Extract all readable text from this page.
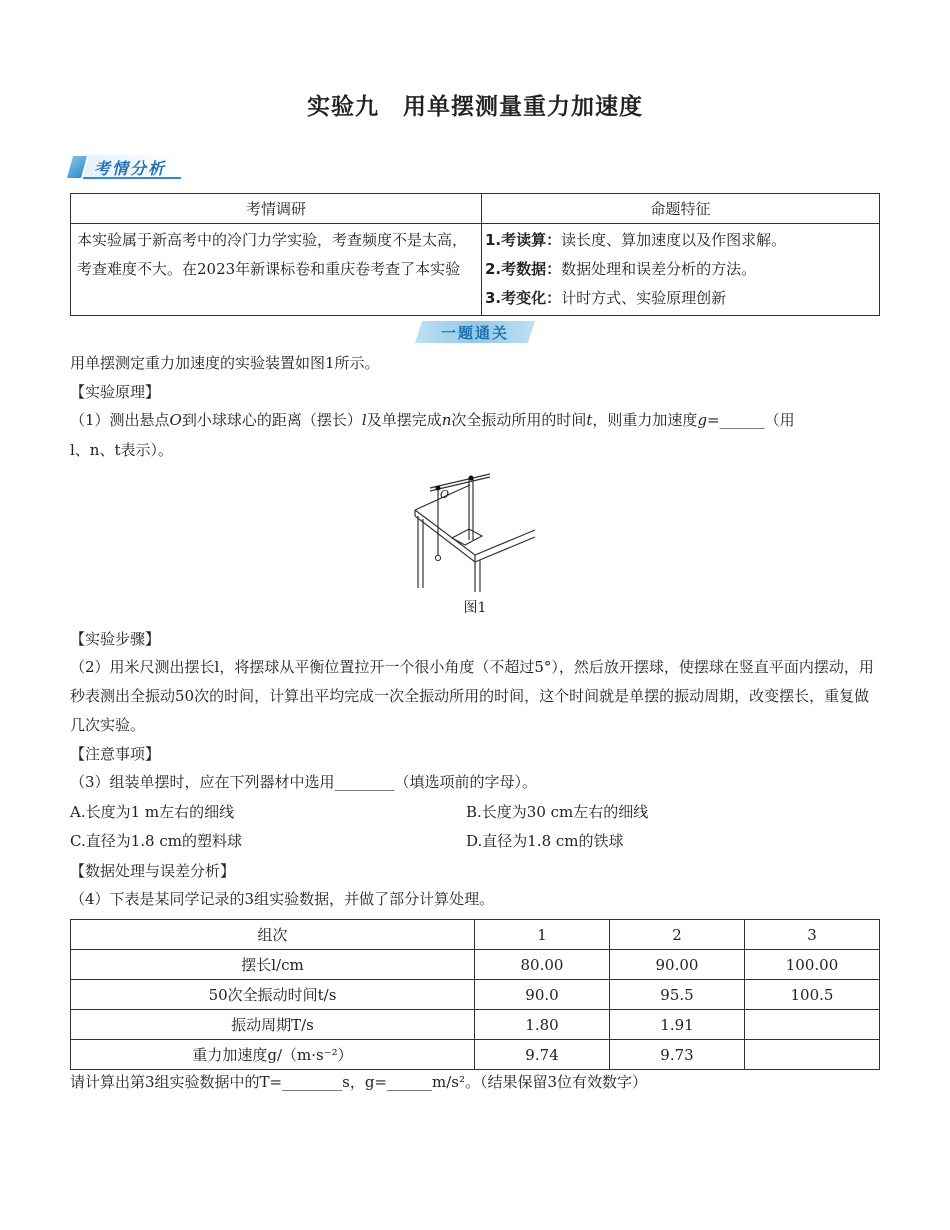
实验九 用单摆测量重力加速度
考情分析
考情调研	命题特征
本实验属于新高考中的冷门力学实验，考查频度不是太高，考查难度不大。在2023年新课标卷和重庆卷考查了本实验	1.考读算：读长度、算加速度以及作图求解。
2.考数据：数据处理和误差分析的方法。
3.考变化：计时方式、实验原理创新
一题通关
用单摆测定重力加速度的实验装置如图1所示。
【实验原理】
（1）测出悬点O到小球球心的距离（摆长）l及单摆完成n次全振动所用的时间t，则重力加速度g=______（用
l、n、t表示）。
O
图1
【实验步骤】
（2）用米尺测出摆长l，将摆球从平衡位置拉开一个很小角度（不超过5°），然后放开摆球，使摆球在竖直平面内摆动，用秒表测出全振动50次的时间，计算出平均完成一次全振动所用的时间，这个时间就是单摆的振动周期，改变摆长，重复做几次实验。
【注意事项】
（3）组装单摆时，应在下列器材中选用________（填选项前的字母）。
A.长度为1 m左右的细线	B.长度为30 cm左右的细线
C.直径为1.8 cm的塑料球	D.直径为1.8 cm的铁球
【数据处理与误差分析】
（4）下表是某同学记录的3组实验数据，并做了部分计算处理。
组次	1	2	3
摆长l/cm	80.00	90.00	100.00
50次全振动时间t/s	90.0	95.5	100.5
振动周期T/s	1.80	1.91	
重力加速度g/（m·s⁻²）	9.74	9.73	
请计算出第3组实验数据中的T=________s，g=______m/s²。（结果保留3位有效数字）
